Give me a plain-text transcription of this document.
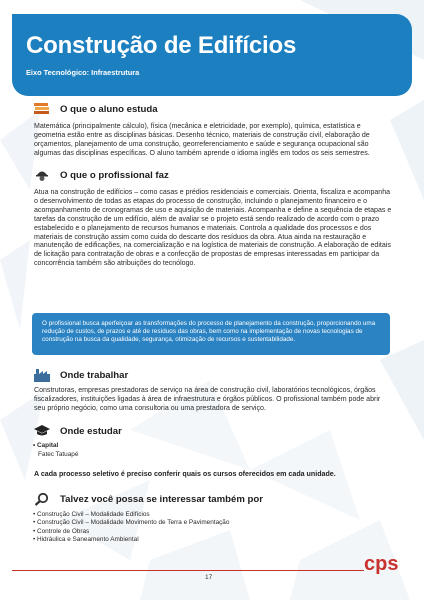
Construção de Edifícios
Eixo Tecnológico: Infraestrutura
O que o aluno estuda

Matemática (principalmente cálculo), física (mecânica e eletricidade, por exemplo), química, estatística e geometria estão entre as disciplinas básicas. Desenho técnico, materiais de construção civil, elaboração de orçamentos, planejamento de uma construção, georreferenciamento e saúde e segurança ocupacional são algumas das disciplinas específicas. O aluno também aprende o idioma inglês em todos os seis semestres.

O que o profissional faz

Atua na construção de edifícios – como casas e prédios residenciais e comerciais. Orienta, fiscaliza e acompanha o desenvolvimento de todas as etapas do processo de construção, incluindo o planejamento financeiro e o acompanhamento de cronogramas de uso e aquisição de materiais. Acompanha e define a sequência de etapas e tarefas da construção de um edifício, além de avaliar se o projeto está sendo realizado de acordo com o prazo estabelecido e o planejamento de recursos humanos e materiais. Controla a qualidade dos processos e dos materiais de construção assim como cuida do descarte dos resíduos da obra. Atua ainda na restauração e manutenção de edificações, na comercialização e na logística de materiais de construção. A elaboração de editais de licitação para contratação de obras e a confecção de propostas de empresas interessadas em participar da concorrência também são atribuições do tecnólogo.

O profissional busca aperfeiçoar as transformações do processo de planejamento da construção, proporcionando uma redução de custos, de prazos e até de resíduos das obras, bem como na implementação de novas tecnologias de construção na busca da qualidade, segurança, otimização de recursos e sustentabilidade.

Onde trabalhar

Construtoras, empresas prestadoras de serviço na área de construção civil, laboratórios tecnológicos, órgãos fiscalizadores, instituições ligadas à área de infraestrutura e órgãos públicos. O profissional também pode abrir seu próprio negócio, como uma consultoria ou uma prestadora de serviço.

Onde estudar
• Capital
Fatec Tatuapé

A cada processo seletivo é preciso conferir quais os cursos oferecidos em cada unidade.

Talvez você possa se interessar também por
• Construção Civil – Modalidade Edifícios
• Construção Civil – Modalidade Movimento de Terra e Pavimentação
• Controle de Obras
• Hidráulica e Saneamento Ambiental
17
cps
